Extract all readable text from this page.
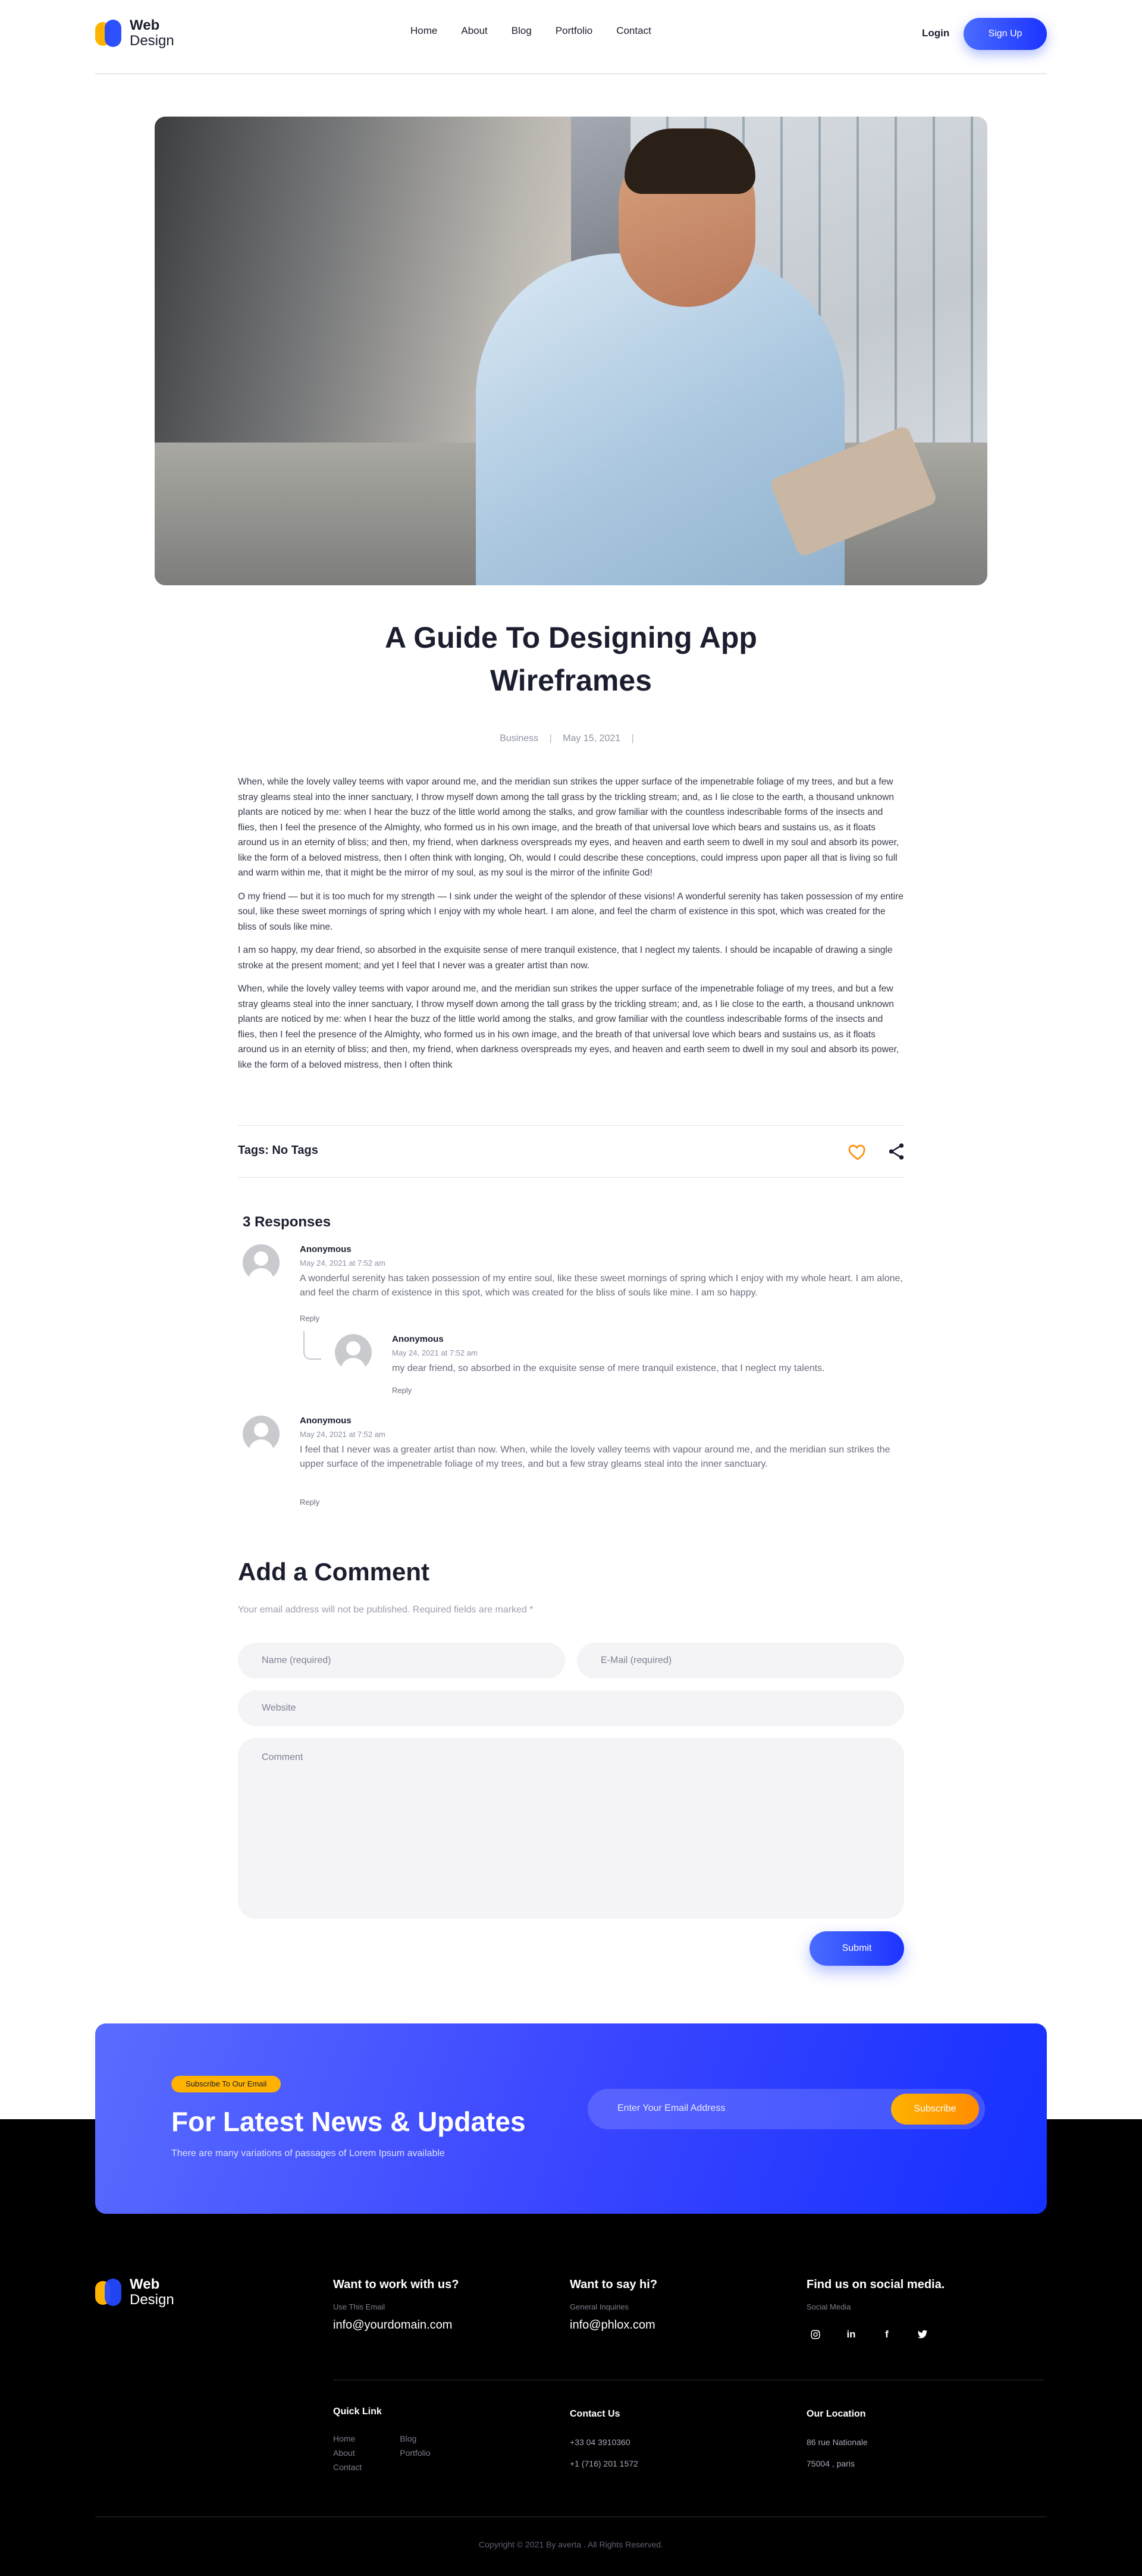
Web
Design
Home About Blog Portfolio Contact	Login	Sign Up
A Guide To Designing App Wireframes
Business | May 15, 2021 |

When, while the lovely valley teems with vapor around me, and the meridian sun strikes the upper surface of the impenetrable foliage of my trees, and but a few stray gleams steal into the inner sanctuary, I throw myself down among the tall grass by the trickling stream; and, as I lie close to the earth, a thousand unknown plants are noticed by me: when I hear the buzz of the little world among the stalks, and grow familiar with the countless indescribable forms of the insects and flies, then I feel the presence of the Almighty, who formed us in his own image, and the breath of that universal love which bears and sustains us, as it floats around us in an eternity of bliss; and then, my friend, when darkness overspreads my eyes, and heaven and earth seem to dwell in my soul and absorb its power, like the form of a beloved mistress, then I often think with longing, Oh, would I could describe these conceptions, could impress upon paper all that is living so full and warm within me, that it might be the mirror of my soul, as my soul is the mirror of the infinite God!

O my friend — but it is too much for my strength — I sink under the weight of the splendor of these visions! A wonderful serenity has taken possession of my entire soul, like these sweet mornings of spring which I enjoy with my whole heart. I am alone, and feel the charm of existence in this spot, which was created for the bliss of souls like mine.

I am so happy, my dear friend, so absorbed in the exquisite sense of mere tranquil existence, that I neglect my talents. I should be incapable of drawing a single stroke at the present moment; and yet I feel that I never was a greater artist than now.

When, while the lovely valley teems with vapor around me, and the meridian sun strikes the upper surface of the impenetrable foliage of my trees, and but a few stray gleams steal into the inner sanctuary, I throw myself down among the tall grass by the trickling stream; and, as I lie close to the earth, a thousand unknown plants are noticed by me: when I hear the buzz of the little world among the stalks, and grow familiar with the countless indescribable forms of the insects and flies, then I feel the presence of the Almighty, who formed us in his own image, and the breath of that universal love which bears and sustains us, as it floats around us in an eternity of bliss; and then, my friend, when darkness overspreads my eyes, and heaven and earth seem to dwell in my soul and absorb its power, like the form of a beloved mistress, then I often think

Tags: No Tags
3 Responses
Anonymous
May 24, 2021 at 7:52 am
A wonderful serenity has taken possession of my entire soul, like these sweet mornings of spring which I enjoy with my whole heart. I am alone, and feel the charm of existence in this spot, which was created for the bliss of souls like mine. I am so happy.
Reply
Anonymous
May 24, 2021 at 7:52 am
my dear friend, so absorbed in the exquisite sense of mere tranquil existence, that I neglect my talents.
Reply
Anonymous
May 24, 2021 at 7:52 am
I feel that I never was a greater artist than now. When, while the lovely valley teems with vapour around me, and the meridian sun strikes the upper surface of the impenetrable foliage of my trees, and but a few stray gleams steal into the inner sanctuary.
Reply
Add a Comment
Your email address will not be published. Required fields are marked *
Name (required)
E-Mail (required)
Website
Comment
Submit
Subscribe To Our Email
For Latest News & Updates
There are many variations of passages of Lorem Ipsum available
Enter Your Email Address	Subscribe
Web
Design
Want to work with us?
Use This Email
info@yourdomain.com
Want to say hi?
General Inquiries
info@phlox.com
Find us on social media.
Social Media
in	f
Quick Link
Home
About
Contact
Blog
Portfolio
Contact Us
+33 04 3910360
+1 (716) 201 1572
Our Location
86 rue Nationale
75004 , paris
Copyright © 2021 By averta . All Rights Reserved.
